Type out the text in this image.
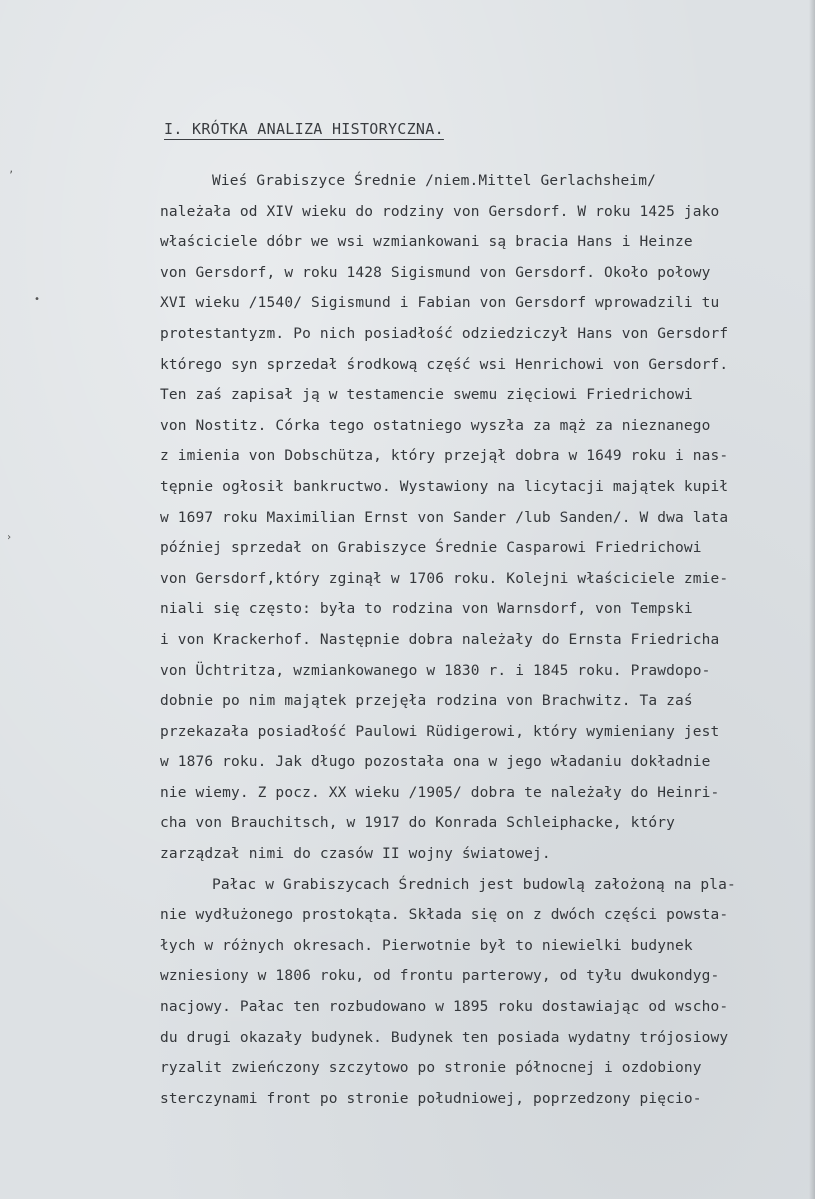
ʼ
•
›
I. KRÓTKA ANALIZA HISTORYCZNA.
Wieś Grabiszyce Średnie /niem.Mittel Gerlachsheim/
należała od XIV wieku do rodziny von Gersdorf. W roku 1425 jako
właściciele dóbr we wsi wzmiankowani są bracia Hans i Heinze
von Gersdorf, w roku 1428 Sigismund von Gersdorf. Około połowy
XVI wieku /1540/ Sigismund i Fabian von Gersdorf wprowadzili tu
protestantyzm. Po nich posiadłość odziedziczył Hans von Gersdorf
którego syn sprzedał środkową część wsi Henrichowi von Gersdorf.
Ten zaś zapisał ją w testamencie swemu zięciowi Friedrichowi
von Nostitz. Córka tego ostatniego wyszła za mąż za nieznanego
z imienia von Dobschütza, który przejął dobra w 1649 roku i nas-
tępnie ogłosił bankructwo. Wystawiony na licytacji majątek kupił
w 1697 roku Maximilian Ernst von Sander /lub Sanden/. W dwa lata
później sprzedał on Grabiszyce Średnie Casparowi Friedrichowi
von Gersdorf,który zginął w 1706 roku. Kolejni właściciele zmie-
niali się często: była to rodzina von Warnsdorf, von Tempski
i von Krackerhof. Następnie dobra należały do Ernsta Friedricha
von Üchtritza, wzmiankowanego w 1830 r. i 1845 roku. Prawdopo-
dobnie po nim majątek przejęła rodzina von Brachwitz. Ta zaś
przekazała posiadłość Paulowi Rüdigerowi, który wymieniany jest
w 1876 roku. Jak długo pozostała ona w jego władaniu dokładnie
nie wiemy. Z pocz. XX wieku /1905/ dobra te należały do Heinri-
cha von Brauchitsch, w 1917 do Konrada Schleiphacke, który
zarządzał nimi do czasów II wojny światowej.
Pałac w Grabiszycach Średnich jest budowlą założoną na pla-
nie wydłużonego prostokąta. Składa się on z dwóch części powsta-
łych w różnych okresach. Pierwotnie był to niewielki budynek
wzniesiony w 1806 roku, od frontu parterowy, od tyłu dwukondyg-
nacjowy. Pałac ten rozbudowano w 1895 roku dostawiając od wscho-
du drugi okazały budynek. Budynek ten posiada wydatny trójosiowy
ryzalit zwieńczony szczytowo po stronie północnej i ozdobiony
sterczynami front po stronie południowej, poprzedzony pięcio-
